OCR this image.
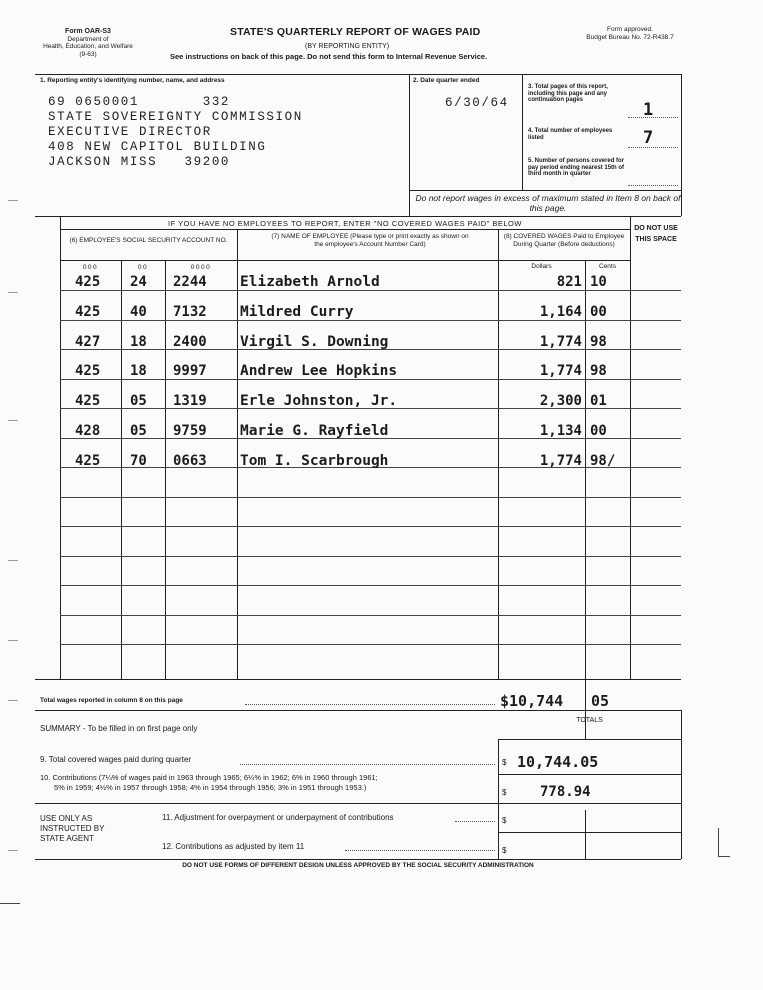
Form OAR-S3
Department of
Health, Education, and Welfare
(9-63)
STATE'S QUARTERLY REPORT OF WAGES PAID
(BY REPORTING ENTITY)
See instructions on back of this page. Do not send this form to Internal Revenue Service.
Form approved.
Budget Bureau No. 72-R438.7
1. Reporting entity's identifying number, name, and address
69 0650001       332
STATE SOVEREIGNTY COMMISSION
EXECUTIVE DIRECTOR
408 NEW CAPITOL BUILDING
JACKSON MISS   39200
2. Date quarter ended
6/30/64
3. Total pages of this report, including this page and any continuation pages	1
4. Total number of employees listed	7
5. Number of persons covered for pay period ending nearest 15th of third month in quarter
Do not report wages in excess of maximum stated in Item 8 on back of this page.
IF YOU HAVE NO EMPLOYEES TO REPORT, ENTER "NO COVERED WAGES PAID" BELOW
DO NOT USE THIS SPACE
(6) EMPLOYEE'S SOCIAL SECURITY ACCOUNT NO.
(7) NAME OF EMPLOYEE (Please type or print exactly as shown on the employee's Account Number Card)
(8) COVERED WAGES Paid to Employee During Quarter (Before deductions)
Dollars	Cents
000	00	0000
425	24	2244	Elizabeth Arnold	821 10
425	40	7132	Mildred Curry	1,164 00
427	18	2400	Virgil S. Downing	1,774 98
425	18	9997	Andrew Lee Hopkins	1,774 98
425	05	1319	Erle Johnston, Jr.	2,300 01
428	05	9759	Marie G. Rayfield	1,134 00
425	70	0663	Tom I. Scarbrough	1,774 98/
Total wages reported in column 8 on this page	$10,744 05
SUMMARY - To be filled in on first page only
TOTALS
9. Total covered wages paid during quarter	$ 10,744.05
10. Contributions (7¼% of wages paid in 1963 through 1965; 6¼% in 1962; 6% in 1960 through 1961;
5% in 1959; 4½% in 1957 through 1958; 4% in 1954 through 1956; 3% in 1951 through 1953.)
$ 778.94
USE ONLY AS INSTRUCTED BY STATE AGENT
11. Adjustment for overpayment or underpayment of contributions	$
12. Contributions as adjusted by item 11	$
DO NOT USE FORMS OF DIFFERENT DESIGN UNLESS APPROVED BY THE SOCIAL SECURITY ADMINISTRATION
